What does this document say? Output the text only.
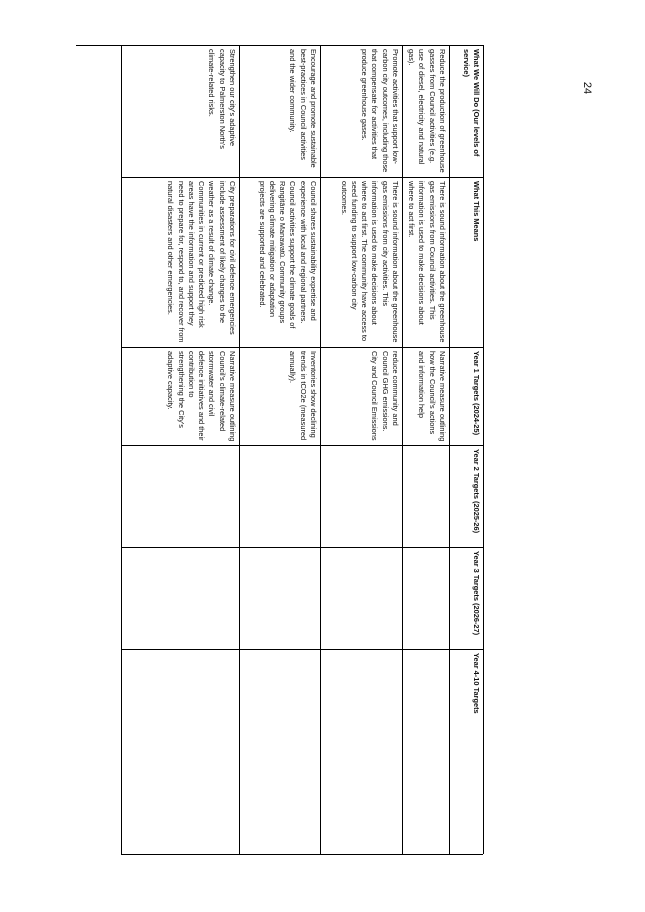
24
What We Will Do (Our levels of service)
What This Means
Year 1 Targets (2024-25)
Year 2 Targets (2025-26)
Year 3 Targets (2026-27)
Year 4-10 Targets
Reduce the production of greenhouse gasses from Council activities (e.g. use of diesel, electricity and natural gas).
There is sound information about the greenhouse gas emissions from Council activities. This information is used to make decisions about where to act first.
Narrative measure outlining how the Council's actions and information help
Promote activities that support low-carbon city outcomes, including those that compensate for activities that produce greenhouse gases.
There is sound information about the greenhouse gas emissions from city activities. This information is used to make decisions about where to act first. The community have access to seed funding to support low-carbon city outcomes.
reduce community and Council GHG emissions. City and Council Emissions
Encourage and promote sustainable best-practices in Council activities and the wider community.
Council shares sustainability expertise and experience with local and regional partners. Council activities support the climate goals of Rangitāne o Manawatū. Community groups delivering climate mitigation or adaptation projects are supported and celebrated.
Inventories show declining trends in tCO2e (measured annually).
Strengthen our city's adaptive capacity to Palmerston North's climate-related risks.
City preparations for civil defence emergencies include assessment of likely changes to the weather as a result of climate change. Communities in current or predicted high risk areas have the information and support they need to prepare for, respond to, and recover from natural disasters and other emergencies.
Narrative measure outlining Council's climate-related stormwater and civil defence initiatives and their contribution to strengthening the City's adaptive capacity.
